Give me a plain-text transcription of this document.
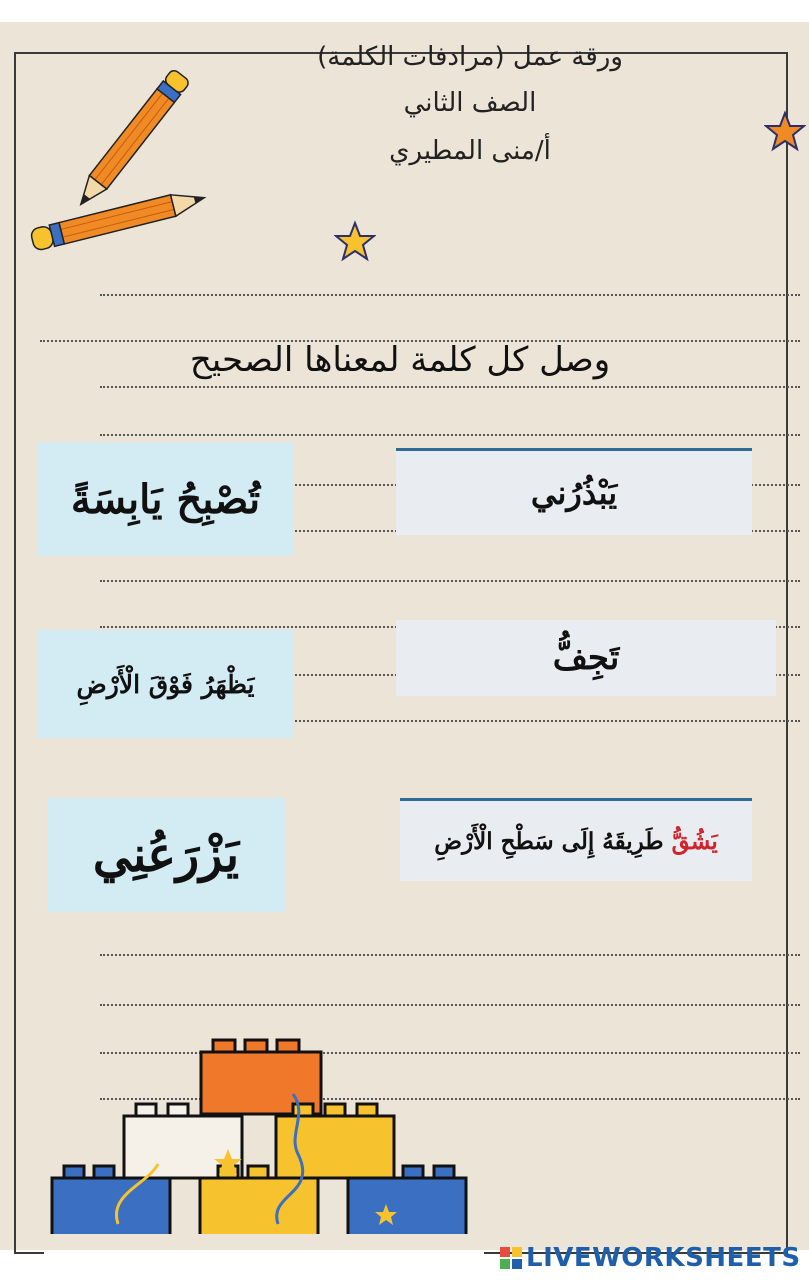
ورقة عمل (مرادفات الكلمة)
الصف الثاني
أ/منى المطيري
وصل كل كلمة لمعناها الصحيح
تُصْبِحُ يَابِسَةً
يَظْهَرُ فَوْقَ الْأَرْضِ
يَزْرَعُنِي
يَبْذُرُني
تَجِفُّ
يَشُقُّ طَرِيقَهُ إِلَى سَطْحِ الْأَرْضِ
LIVEWORKSHEETS
